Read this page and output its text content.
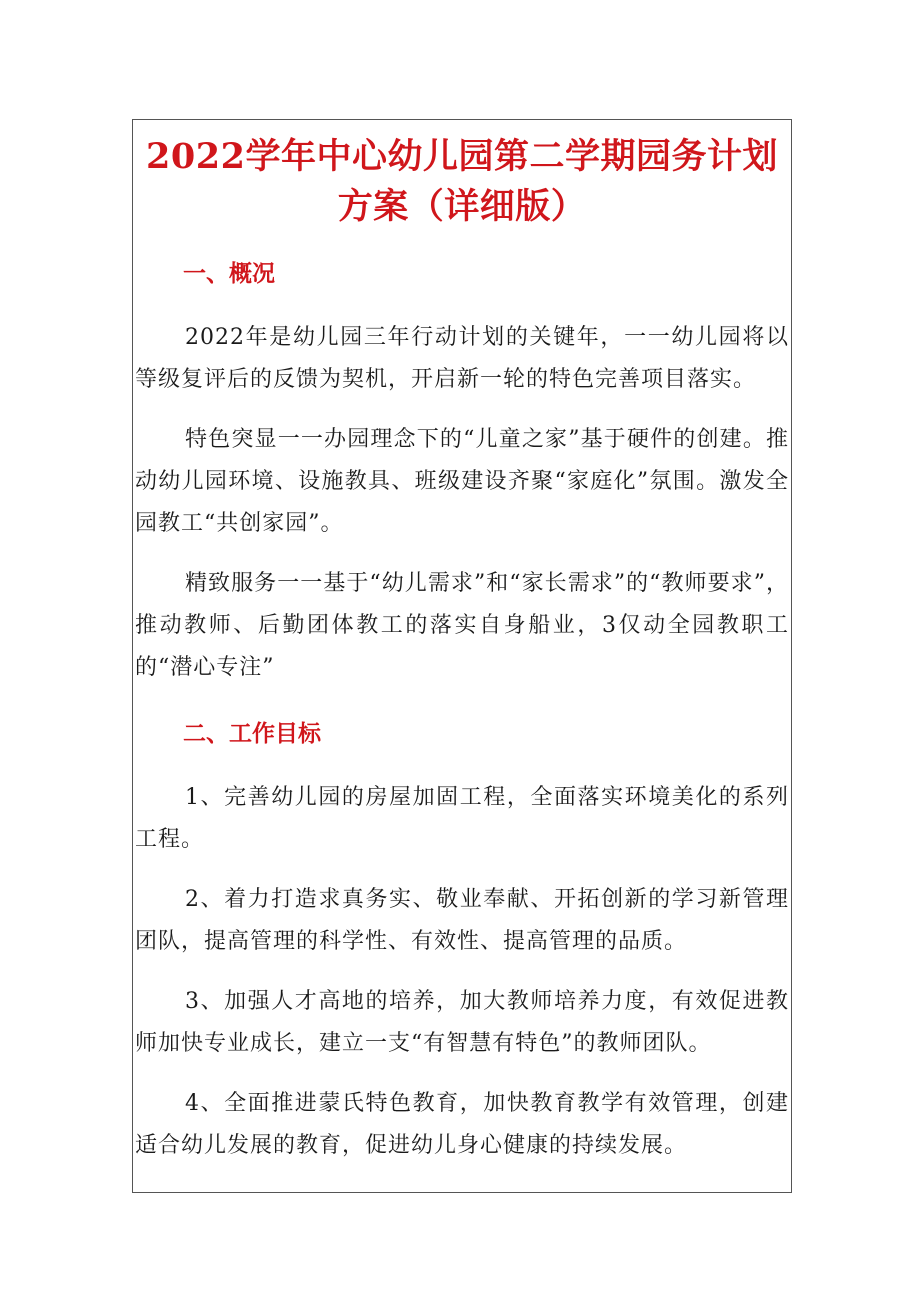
2022学年中心幼儿园第二学期园务计划方案（详细版）
一、概况

2022年是幼儿园三年行动计划的关键年，一一幼儿园将以等级复评后的反馈为契机，开启新一轮的特色完善项目落实。

特色突显一一办园理念下的“儿童之家”基于硬件的创建。推动幼儿园环境、设施教具、班级建设齐聚“家庭化”氛围。激发全园教工“共创家园”。

精致服务一一基于“幼儿需求”和“家长需求”的“教师要求”，推动教师、后勤团体教工的落实自身船业，3仅动全园教职工的“潜心专注”

二、工作目标

1、完善幼儿园的房屋加固工程，全面落实环境美化的系列工程。

2、着力打造求真务实、敬业奉献、开拓创新的学习新管理团队，提高管理的科学性、有效性、提高管理的品质。

3、加强人才高地的培养，加大教师培养力度，有效促进教师加快专业成长，建立一支“有智慧有特色”的教师团队。

4、全面推进蒙氏特色教育，加快教育教学有效管理，创建适合幼儿发展的教育，促进幼儿身心健康的持续发展。
